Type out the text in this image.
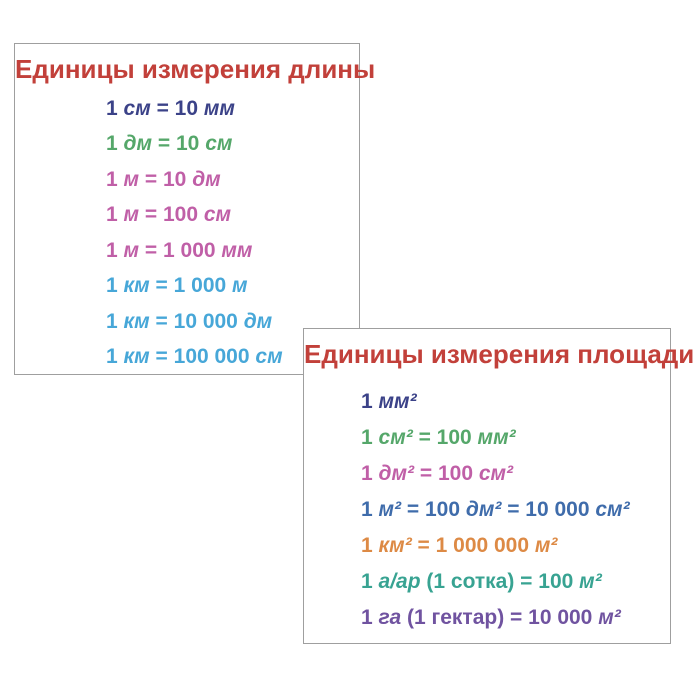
Единицы измерения длины
1 см = 10 мм
1 дм = 10 см
1 м = 10 дм
1 м = 100 см
1 м = 1 000 мм
1 км = 1 000 м
1 км = 10 000 дм
1 км = 100 000 см Единицы измерения площади
1 мм²
1 см² = 100 мм²
1 дм² = 100 см²
1 м² = 100 дм² = 10 000 см²
1 км² = 1 000 000 м²
1 а/ар (1 сотка) = 100 м²
1 га (1 гектар) = 10 000 м²
